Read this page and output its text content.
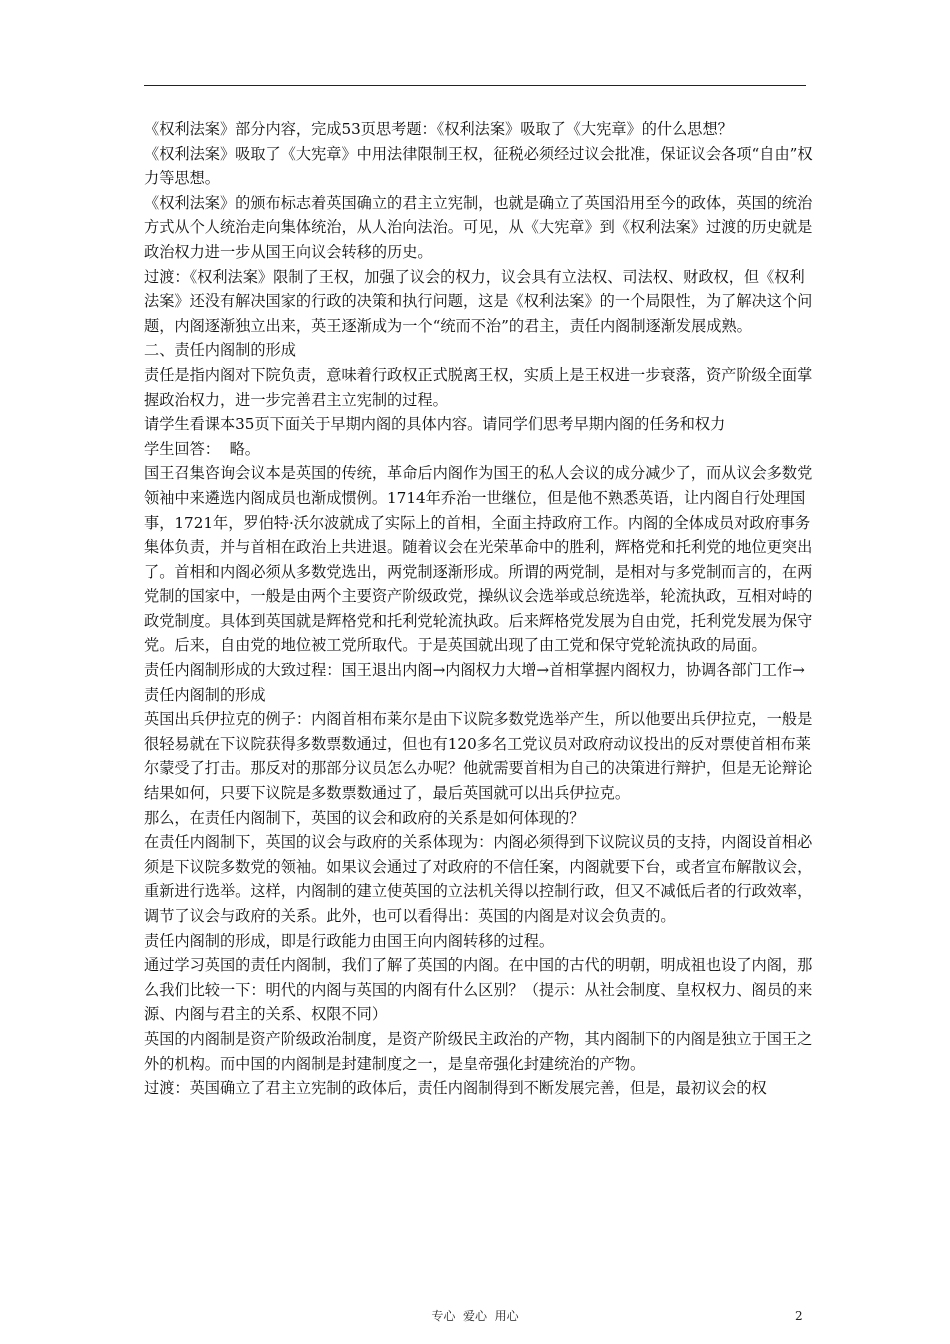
《权利法案》部分内容，完成53页思考题：《权利法案》吸取了《大宪章》的什么思想？

《权利法案》吸取了《大宪章》中用法律限制王权，征税必须经过议会批准，保证议会各项“自由”权力等思想。

《权利法案》的颁布标志着英国确立的君主立宪制，也就是确立了英国沿用至今的政体，英国的统治方式从个人统治走向集体统治，从人治向法治。可见，从《大宪章》到《权利法案》过渡的历史就是政治权力进一步从国王向议会转移的历史。

过渡：《权利法案》限制了王权，加强了议会的权力，议会具有立法权、司法权、财政权，但《权利法案》还没有解决国家的行政的决策和执行问题，这是《权利法案》的一个局限性，为了解决这个问题，内阁逐渐独立出来，英王逐渐成为一个“统而不治”的君主，责任内阁制逐渐发展成熟。

二、责任内阁制的形成

责任是指内阁对下院负责，意味着行政权正式脱离王权，实质上是王权进一步衰落，资产阶级全面掌握政治权力，进一步完善君主立宪制的过程。

请学生看课本35页下面关于早期内阁的具体内容。请同学们思考早期内阁的任务和权力

学生回答：  略。

国王召集咨询会议本是英国的传统，革命后内阁作为国王的私人会议的成分减少了，而从议会多数党领袖中来遴选内阁成员也渐成惯例。1714年乔治一世继位，但是他不熟悉英语，让内阁自行处理国事，1721年，罗伯特·沃尔波就成了实际上的首相，全面主持政府工作。内阁的全体成员对政府事务集体负责，并与首相在政治上共进退。随着议会在光荣革命中的胜利，辉格党和托利党的地位更突出了。首相和内阁必须从多数党选出，两党制逐渐形成。所谓的两党制，是相对与多党制而言的，在两党制的国家中，一般是由两个主要资产阶级政党，操纵议会选举或总统选举，轮流执政，互相对峙的政党制度。具体到英国就是辉格党和托利党轮流执政。后来辉格党发展为自由党，托利党发展为保守党。后来，自由党的地位被工党所取代。于是英国就出现了由工党和保守党轮流执政的局面。

责任内阁制形成的大致过程：国王退出内阁→内阁权力大增→首相掌握内阁权力，协调各部门工作→责任内阁制的形成

英国出兵伊拉克的例子：内阁首相布莱尔是由下议院多数党选举产生，所以他要出兵伊拉克，一般是很轻易就在下议院获得多数票数通过，但也有120多名工党议员对政府动议投出的反对票使首相布莱尔蒙受了打击。那反对的那部分议员怎么办呢？他就需要首相为自己的决策进行辩护，但是无论辩论结果如何，只要下议院是多数票数通过了，最后英国就可以出兵伊拉克。

那么，在责任内阁制下，英国的议会和政府的关系是如何体现的？

在责任内阁制下，英国的议会与政府的关系体现为：内阁必须得到下议院议员的支持，内阁设首相必须是下议院多数党的领袖。如果议会通过了对政府的不信任案，内阁就要下台，或者宣布解散议会，重新进行选举。这样，内阁制的建立使英国的立法机关得以控制行政，但又不减低后者的行政效率，调节了议会与政府的关系。此外，也可以看得出：英国的内阁是对议会负责的。

责任内阁制的形成，即是行政能力由国王向内阁转移的过程。

通过学习英国的责任内阁制，我们了解了英国的内阁。在中国的古代的明朝，明成祖也设了内阁，那么我们比较一下：明代的内阁与英国的内阁有什么区别？（提示：从社会制度、皇权权力、阁员的来源、内阁与君主的关系、权限不同）

英国的内阁制是资产阶级政治制度，是资产阶级民主政治的产物，其内阁制下的内阁是独立于国王之外的机构。而中国的内阁制是封建制度之一，是皇帝强化封建统治的产物。

过渡：英国确立了君主立宪制的政体后，责任内阁制得到不断发展完善，但是，最初议会的权

专心  爱心  用心	2
